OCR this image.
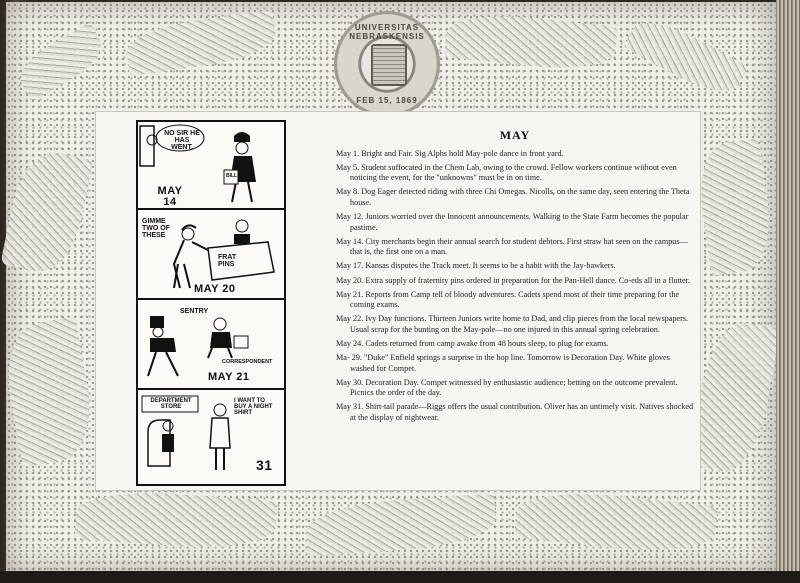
UNIVERSITAS NEBRASKENSIS
FEB 15, 1869
NO SIR HE HAS WENT.
BILL
MAY 14
GIMME TWO OF THESE
FRAT PINS
MAY 20
SENTRY
CORRESPONDENT
MAY 21
DEPARTMENT STORE
I WANT TO BUY A NIGHT SHIRT
31
MAY

May 1. Bright and Fair. Sig Alphs hold May-pole dance in front yard.

May 5. Student suffocated in the Chem Lab, owing to the crowd. Fellow workers continue without even noticing the event, for the "unknowns" must be in on time.

May 8. Dog Eager detected riding with three Chi Omegas. Nicolls, on the same day, seen entering the Theta house.

May 12. Juniors worried over the Innocent announcements. Walking to the State Farm becomes the popular pastime.

May 14. City merchants begin their annual search for student debtors. First straw hat seen on the campus—that is, the first one on a man.

May 17. Kansas disputes the Track meet. It seems to be a habit with the Jay-hawkers.

May 20. Extra supply of fraternity pins ordered in preparation for the Pan-Hell dance. Co-eds all in a flutter.

May 21. Reports from Camp tell of bloody adventures. Cadets spend most of their time preparing for the coming exams.

May 22. Ivy Day functions. Thirteen Juniors write home to Dad, and clip pieces from the local newspapers. Usual scrap for the bunting on the May-pole—no one injured in this annual spring celebration.

May 24. Cadets returned from camp awake from 48 hours sleep, to plug for exams.

Ma- 29. "Duke" Enfield springs a surprise in the hop line. Tomorrow is Decoration Day. White gloves washed for Compet.

May 30. Decoration Day. Compet witnessed by enthusiastic audience; betting on the outcome prevalent. Picnics the order of the day.

May 31. Shirt-tail parade—Riggs offers the usual contribution. Oliver has an untimely visit. Natives shocked at the display of nightwear.
